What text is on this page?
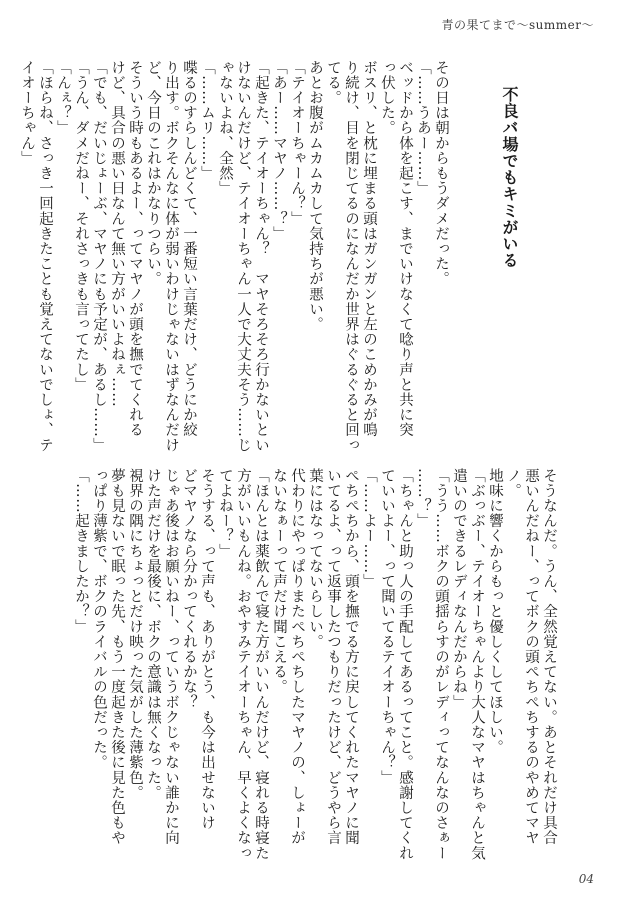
青の果てまで〜summer〜

不良バ場でもキミがいる

その日は朝からもうダメだった。
「……うあー……」
ベッドから体を起こす、までいけなくて唸り声と共に突
っ伏した。
ボスリ、と枕に埋まる頭はガンガンと左のこめかみが鳴
り続け、目を閉じてるのになんだか世界はぐるぐると回っ
てる。
あとお腹がムカムカして気持ちが悪い。
「テイオーちゃーん？」
「あー……マヤノ……？」
「起きた、テイオーちゃん？　マヤそろそろ行かないとい
けないんだけど、テイオーちゃん一人で大丈夫そう……じ
ゃないよね、全然」
「……ムリ……」
喋るのすらしんどくて、一番短い言葉だけ、どうにか絞
り出す。ボクそんなに体が弱いわけじゃないはずなんだけ
ど、今日のこれはかなりつらい。
そういう時もあるよー、ってマヤノが頭を撫でてくれる
けど、具合の悪い日なんて無い方がいいよねぇ……
「でも、だいじょーぶ、マヤノにも予定が、あるし……」
「うん、ダメだねー、それさっきも言ってたし」
「んぇ？」
「ほらね、さっき一回起きたことも覚えてないでしょ、テ
イオーちゃん」

そうなんだ。うん、全然覚えてない。あとそれだけ具合
悪いんだねー、ってボクの頭ぺちぺちするのやめてマヤノ。
地味に響くからもっと優しくしてほしい。
「ぶっぶー、テイオーちゃんより大人なマヤはちゃんと気
遣いのできるレディなんだからね」
「うう……ボクの頭揺らすのがレディってなんなのさぁー
……？」
「ちゃんと助っ人の手配してあるってこと。感謝してくれ
ていいよー、って聞いてるテイオーちゃん？」
「……よー……」
ぺちぺちから、頭を撫でる方に戻してくれたマヤノに聞
いてるよ、って返事したつもりだったけど、どうやら言
葉にはなってないらしい。
代わりにやっぱりまたぺちぺちしたマヤノの、しょーが
ないなぁーって声だけ聞こえる。
「ほんとは薬飲んで寝た方がいいんだけど、寝れる時寝た
方がいいもんね。おやすみテイオーちゃん、早くよくなっ
てよねー？」
そうする、って声も、ありがとう、も今は出せないけ
どマヤノなら分かってくれるかな？
じゃあ後はお願いねー、っていうボクじゃない誰かに向
けた声だけを最後に、ボクの意識は無くなった。
視界の隅にちょっとだけ映った気がした薄紫色。
夢も見ないで眠った先、もう一度起きた後に見た色もや
っぱり薄紫で、ボクのライバルの色だった。
「……起きましたか？」

04
